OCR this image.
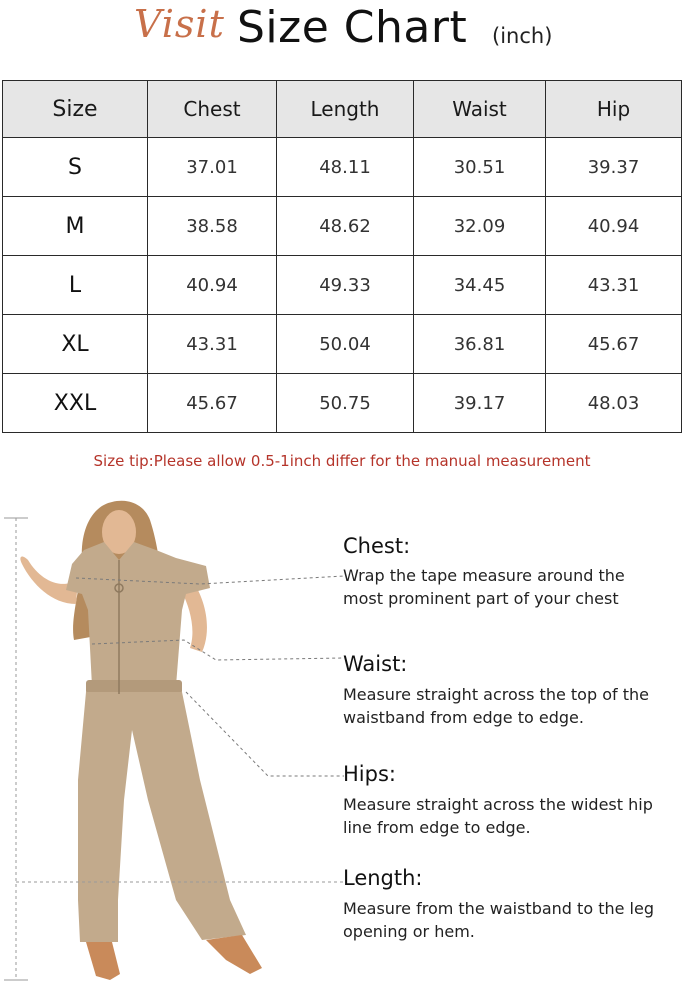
Visit Size Chart (inch)
Size	Chest	Length	Waist	Hip
S	37.01	48.11	30.51	39.37
M	38.58	48.62	32.09	40.94
L	40.94	49.33	34.45	43.31
XL	43.31	50.04	36.81	45.67
XXL	45.67	50.75	39.17	48.03
Size tip:Please allow 0.5-1inch differ for the manual measurement
Chest:
Wrap the tape measure around the
most prominent part of your chest
Waist:
Measure straight across the top of the
waistband from edge to edge.
Hips:
Measure straight across the widest hip
line from edge to edge.
Length:
Measure from the waistband to the leg
opening or hem.
